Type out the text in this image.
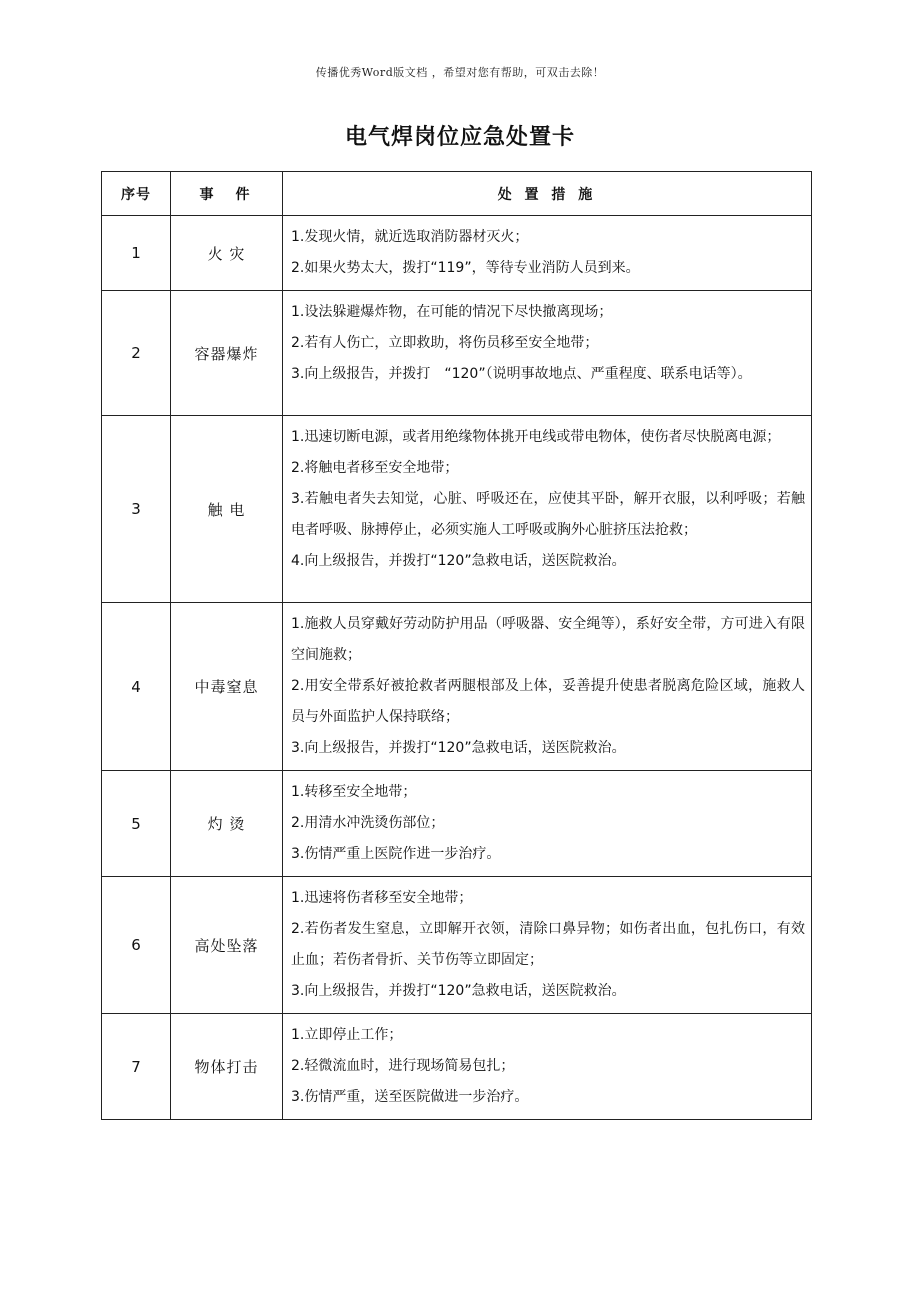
传播优秀Word版文档 ，希望对您有帮助，可双击去除！
电气焊岗位应急处置卡
序号	事　件	处 置 措 施
1	火 灾	1.发现火情，就近选取消防器材灭火；
2.如果火势太大，拨打“119”，等待专业消防人员到来。

2	容器爆炸	1.设法躲避爆炸物，在可能的情况下尽快撤离现场；
2.若有人伤亡，立即救助，将伤员移至安全地带；
3.向上级报告，并拨打　“120”（说明事故地点、严重程度、联系电话等）。

3	触 电	1.迅速切断电源，或者用绝缘物体挑开电线或带电物体，使伤者尽快脱离电源；
2.将触电者移至安全地带；
3.若触电者失去知觉，心脏、呼吸还在，应使其平卧，解开衣服，以利呼吸；若触电者呼吸、脉搏停止，必须实施人工呼吸或胸外心脏挤压法抢救；
4.向上级报告，并拨打“120”急救电话，送医院救治。

4	中毒窒息	1.施救人员穿戴好劳动防护用品（呼吸器、安全绳等），系好安全带，方可进入有限空间施救；
2.用安全带系好被抢救者两腿根部及上体，妥善提升使患者脱离危险区域，施救人员与外面监护人保持联络；
3.向上级报告，并拨打“120”急救电话，送医院救治。

5	灼 烫	1.转移至安全地带；
2.用清水冲洗烫伤部位；
3.伤情严重上医院作进一步治疗。

6	高处坠落	1.迅速将伤者移至安全地带；
2.若伤者发生窒息，立即解开衣领，清除口鼻异物；如伤者出血，包扎伤口，有效止血；若伤者骨折、关节伤等立即固定；
3.向上级报告，并拨打“120”急救电话，送医院救治。

7	物体打击	1.立即停止工作；
2.轻微流血时，进行现场简易包扎；
3.伤情严重，送至医院做进一步治疗。
